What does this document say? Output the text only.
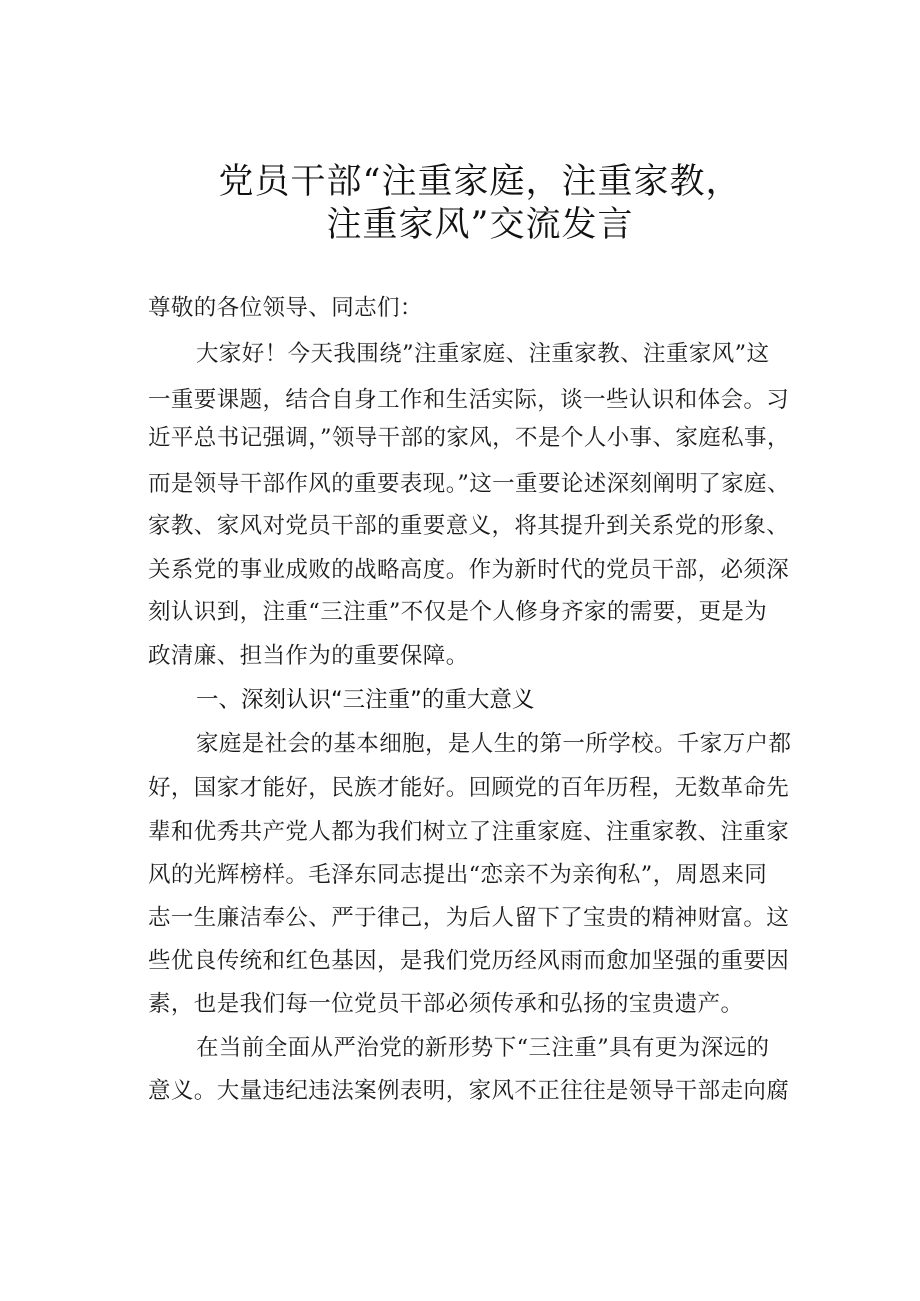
党员干部“注重家庭，注重家教，
注重家风”交流发言
尊敬的各位领导、同志们：
大家好！今天我围绕”注重家庭、注重家教、注重家风”这
一重要课题，结合自身工作和生活实际，谈一些认识和体会。习
近平总书记强调，”领导干部的家风，不是个人小事、家庭私事，
而是领导干部作风的重要表现。”这一重要论述深刻阐明了家庭、
家教、家风对党员干部的重要意义，将其提升到关系党的形象、
关系党的事业成败的战略高度。作为新时代的党员干部，必须深
刻认识到，注重“三注重”不仅是个人修身齐家的需要，更是为
政清廉、担当作为的重要保障。
一、深刻认识“三注重”的重大意义
家庭是社会的基本细胞，是人生的第一所学校。千家万户都
好，国家才能好，民族才能好。回顾党的百年历程，无数革命先
辈和优秀共产党人都为我们树立了注重家庭、注重家教、注重家
风的光辉榜样。毛泽东同志提出“恋亲不为亲徇私”，周恩来同
志一生廉洁奉公、严于律己，为后人留下了宝贵的精神财富。这
些优良传统和红色基因，是我们党历经风雨而愈加坚强的重要因
素，也是我们每一位党员干部必须传承和弘扬的宝贵遗产。
在当前全面从严治党的新形势下“三注重”具有更为深远的
意义。大量违纪违法案例表明，家风不正往往是领导干部走向腐
